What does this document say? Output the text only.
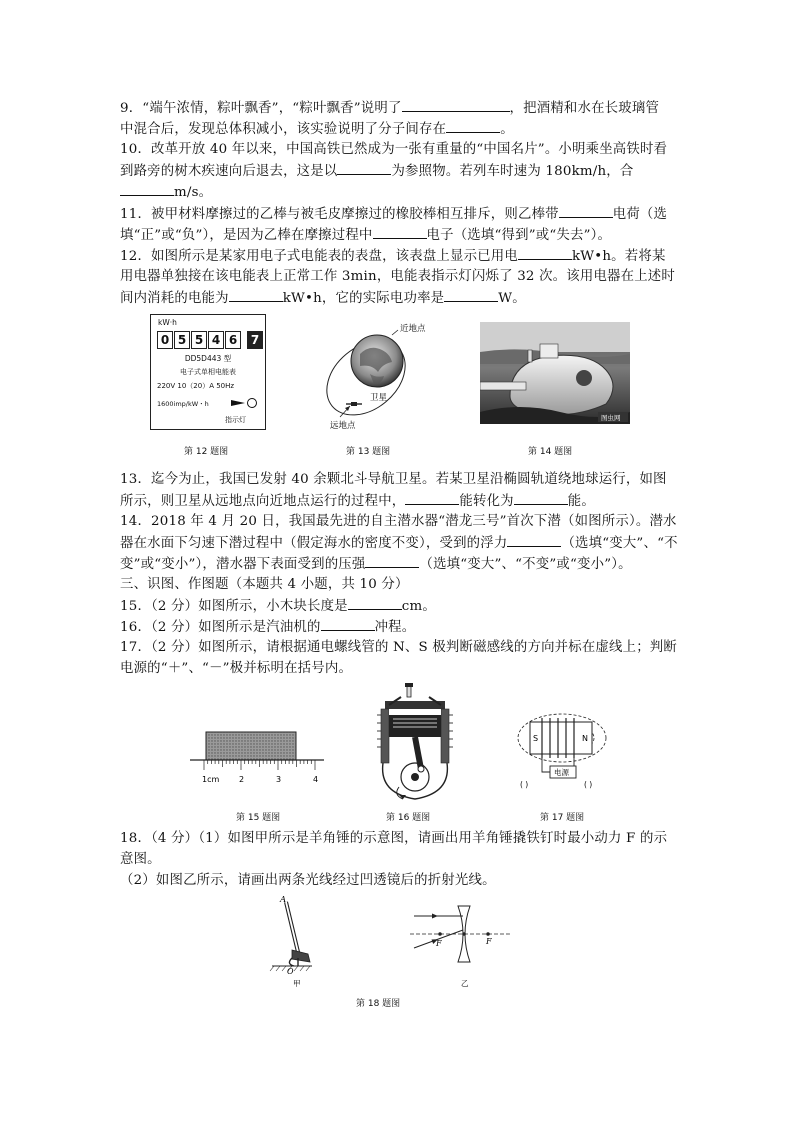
9．“端午浓情，粽叶飘香”，“粽叶飘香”说明了	，把酒精和水在长玻璃管
中混合后，发现总体积减小，该实验说明了分子间存在	。
10．改革开放 40 年以来，中国高铁已然成为一张有重量的“中国名片”。小明乘坐高铁时看
到路旁的树木疾速向后退去，这是以	为参照物。若列车时速为 180km/h，合
m/s。
11．被甲材料摩擦过的乙棒与被毛皮摩擦过的橡胶棒相互排斥，则乙棒带	电荷（选
填“正”或“负”），是因为乙棒在摩擦过程中	电子（选填“得到”或“失去”）。
12．如图所示是某家用电子式电能表的表盘，该表盘上显示已用电	kW•h。若将某
用电器单独接在该电能表上正常工作 3min，电能表指示灯闪烁了 32 次。该用电器在上述时
间内消耗的电能为	kW•h，它的实际电功率是	W。
kW·h
0 5 5 4 6	7
DD5D443 型
电子式单相电能表
220V 10（20）A 50Hz
1600imp/kW・h
指示灯
第 12 题图
近地点
卫星
远地点
第 13 题图
图虫网
第 14 题图
13．迄今为止，我国已发射 40 余颗北斗导航卫星。若某卫星沿椭圆轨道绕地球运行，如图
所示，则卫星从远地点向近地点运行的过程中，	能转化为	能。
14．2018 年 4 月 20 日，我国最先进的自主潜水器“潜龙三号”首次下潜（如图所示）。潜水
器在水面下匀速下潜过程中（假定海水的密度不变），受到的浮力	（选填“变大”、“不
变”或“变小”），潜水器下表面受到的压强	（选填“变大”、“不变”或“变小”）。
三、识图、作图题（本题共 4 小题，共 10 分）
15．（2 分）如图所示，小木块长度是	cm。
16．（2 分）如图所示是汽油机的	冲程。
17．（2 分）如图所示，请根据通电螺线管的 N、S 极判断磁感线的方向并标在虚线上；判断
电源的“＋”、“－”极并标明在括号内。
1cm 2	3	4
第 15 题图	第 16 题图
S	N
电源
( )	( )
第 17 题图
18．（4 分）（1）如图甲所示是羊角锤的示意图，请画出用羊角锤撬铁钉时最小动力 F 的示
意图。
（2）如图乙所示，请画出两条光线经过凹透镜后的折射光线。
A
O
甲
F	F
乙
第 18 题图
